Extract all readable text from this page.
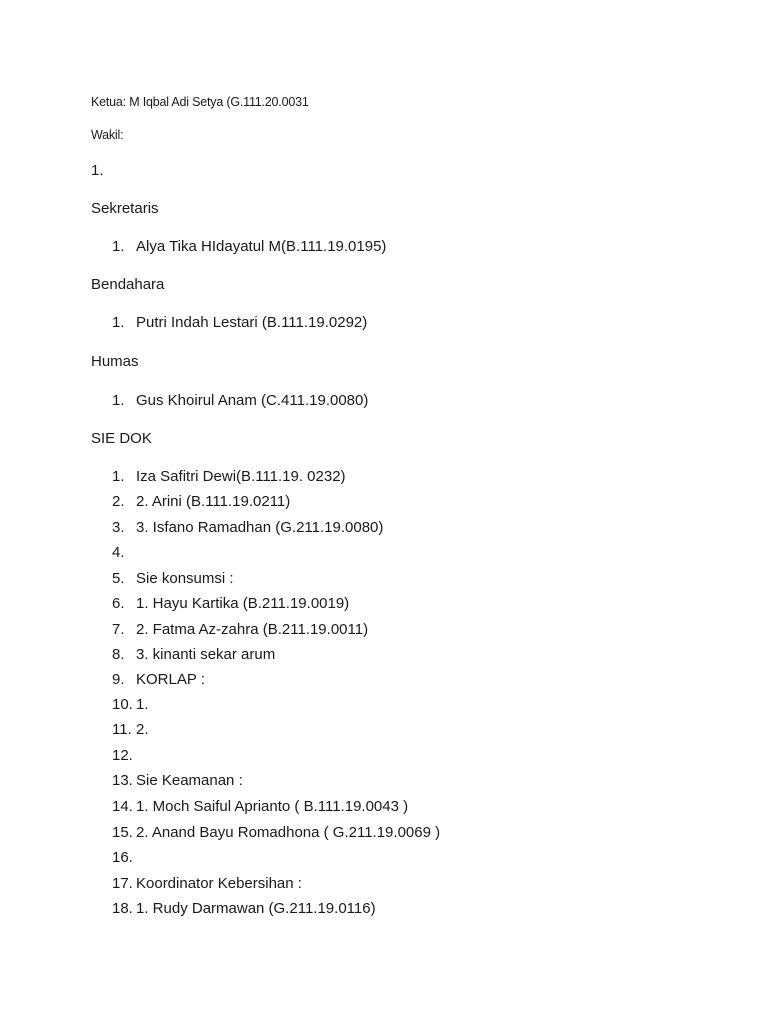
Ketua: M Iqbal Adi Setya (G.111.20.0031
Wakil:
1.
Sekretaris
1. Alya Tika HIdayatul M(B.111.19.0195)
Bendahara
1. Putri Indah Lestari (B.111.19.0292)
Humas
1. Gus Khoirul Anam (C.411.19.0080)
SIE DOK
1. Iza Safitri Dewi(B.111.19. 0232)
2. 2. Arini (B.111.19.0211)
3. 3. Isfano Ramadhan (G.211.19.0080)
4.
5. Sie konsumsi :
6. 1. Hayu Kartika (B.211.19.0019)
7. 2. Fatma Az-zahra (B.211.19.0011)
8. 3. kinanti sekar arum
9. KORLAP :
10. 1.
11. 2.
12.
13. Sie Keamanan :
14. 1. Moch Saiful Aprianto ( B.111.19.0043 )
15. 2. Anand Bayu Romadhona ( G.211.19.0069 )
16.
17. Koordinator Kebersihan :
18. 1. Rudy Darmawan (G.211.19.0116)
